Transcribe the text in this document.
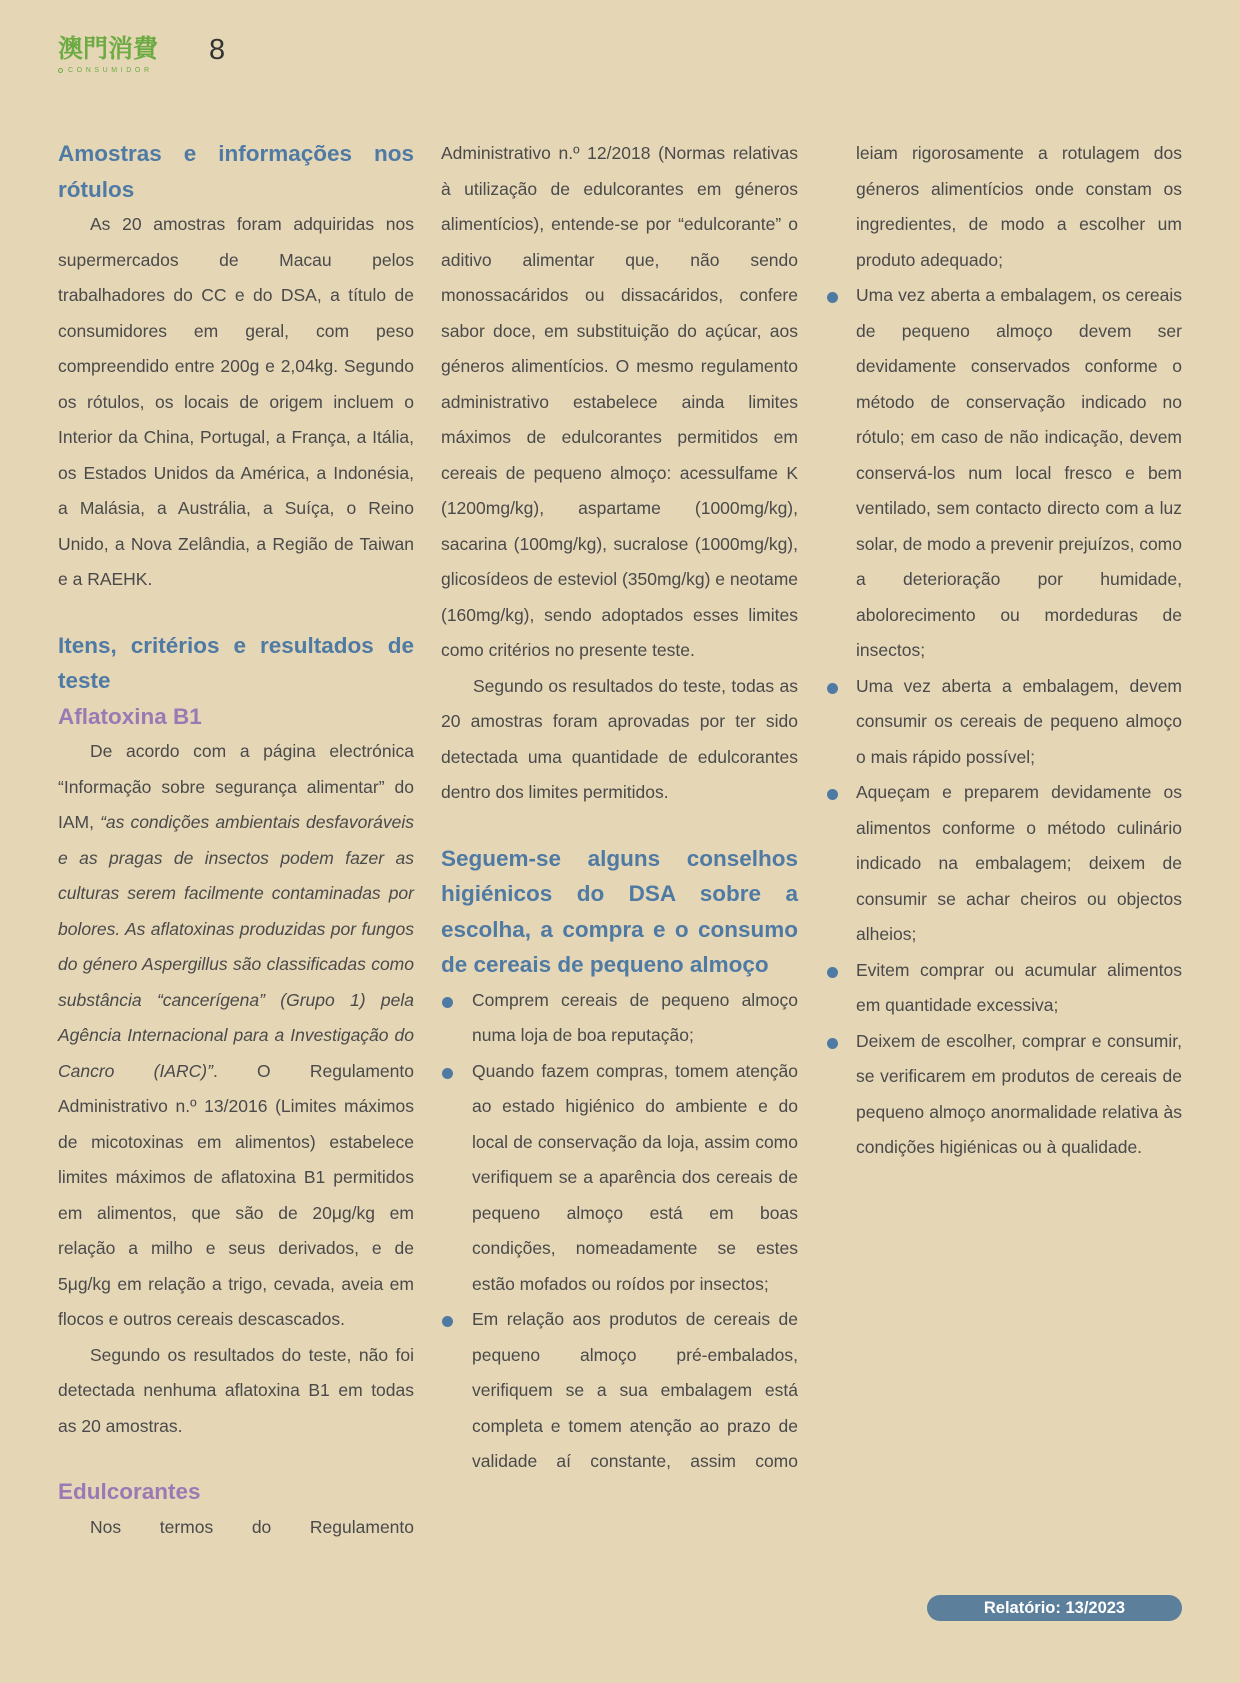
澳門消費
CONSUMIDOR
8
Amostras e informações nos rótulos

As 20 amostras foram adquiridas nos supermercados de Macau pelos trabalhadores do CC e do DSA, a título de consumidores em geral, com peso compreendido entre 200g e 2,04kg. Segundo os rótulos, os locais de origem incluem o Interior da China, Portugal, a França, a Itália, os Estados Unidos da América, a Indonésia, a Malásia, a Austrália, a Suíça, o Reino Unido, a Nova Zelândia, a Região de Taiwan e a RAEHK.

Itens, critérios e resultados de teste
Aflatoxina B1

De acordo com a página electrónica “Informação sobre segurança alimentar” do IAM, “as condições ambientais desfavoráveis e as pragas de insectos podem fazer as culturas serem facilmente contaminadas por bolores. As aflatoxinas produzidas por fungos do género Aspergillus são classificadas como substância “cancerígena” (Grupo 1) pela Agência Internacional para a Investigação do Cancro (IARC)”. O Regulamento Administrativo n.º 13/2016 (Limites máximos de micotoxinas em alimentos) estabelece limites máximos de aflatoxina B1 permitidos em alimentos, que são de 20μg/kg em relação a milho e seus derivados, e de 5μg/kg em relação a trigo, cevada, aveia em flocos e outros cereais descascados.

Segundo os resultados do teste, não foi detectada nenhuma aflatoxina B1 em todas as 20 amostras.

Edulcorantes

Nos termos do Regulamento

Administrativo n.º 12/2018 (Normas relativas à utilização de edulcorantes em géneros alimentícios), entende-se por “edulcorante” o aditivo alimentar que, não sendo monossacáridos ou dissacáridos, confere sabor doce, em substituição do açúcar, aos géneros alimentícios. O mesmo regulamento administrativo estabelece ainda limites máximos de edulcorantes permitidos em cereais de pequeno almoço: acessulfame K (1200mg/kg), aspartame (1000mg/kg), sacarina (100mg/kg), sucralose (1000mg/kg), glicosídeos de esteviol (350mg/kg) e neotame (160mg/kg), sendo adoptados esses limites como critérios no presente teste.

Segundo os resultados do teste, todas as 20 amostras foram aprovadas por ter sido detectada uma quantidade de edulcorantes dentro dos limites permitidos.

Seguem-se alguns conselhos higiénicos do DSA sobre a escolha, a compra e o consumo de cereais de pequeno almoço
Comprem cereais de pequeno almoço numa loja de boa reputação;
Quando fazem compras, tomem atenção ao estado higiénico do ambiente e do local de conservação da loja, assim como verifiquem se a aparência dos cereais de pequeno almoço está em boas condições, nomeadamente se estes estão mofados ou roídos por insectos;
Em relação aos produtos de cereais de pequeno almoço pré-embalados, verifiquem se a sua embalagem está completa e tomem atenção ao prazo de validade aí constante, assim como

leiam rigorosamente a rotulagem dos géneros alimentícios onde constam os ingredientes, de modo a escolher um produto adequado;

Uma vez aberta a embalagem, os cereais de pequeno almoço devem ser devidamente conservados conforme o método de conservação indicado no rótulo; em caso de não indicação, devem conservá-los num local fresco e bem ventilado, sem contacto directo com a luz solar, de modo a prevenir prejuízos, como a deterioração por humidade, abolorecimento ou mordeduras de insectos;
Uma vez aberta a embalagem, devem consumir os cereais de pequeno almoço o mais rápido possível;
Aqueçam e preparem devidamente os alimentos conforme o método culinário indicado na embalagem; deixem de consumir se achar cheiros ou objectos alheios;
Evitem comprar ou acumular alimentos em quantidade excessiva;
Deixem de escolher, comprar e consumir, se verificarem em produtos de cereais de pequeno almoço anormalidade relativa às condições higiénicas ou à qualidade.
Relatório: 13/2023
